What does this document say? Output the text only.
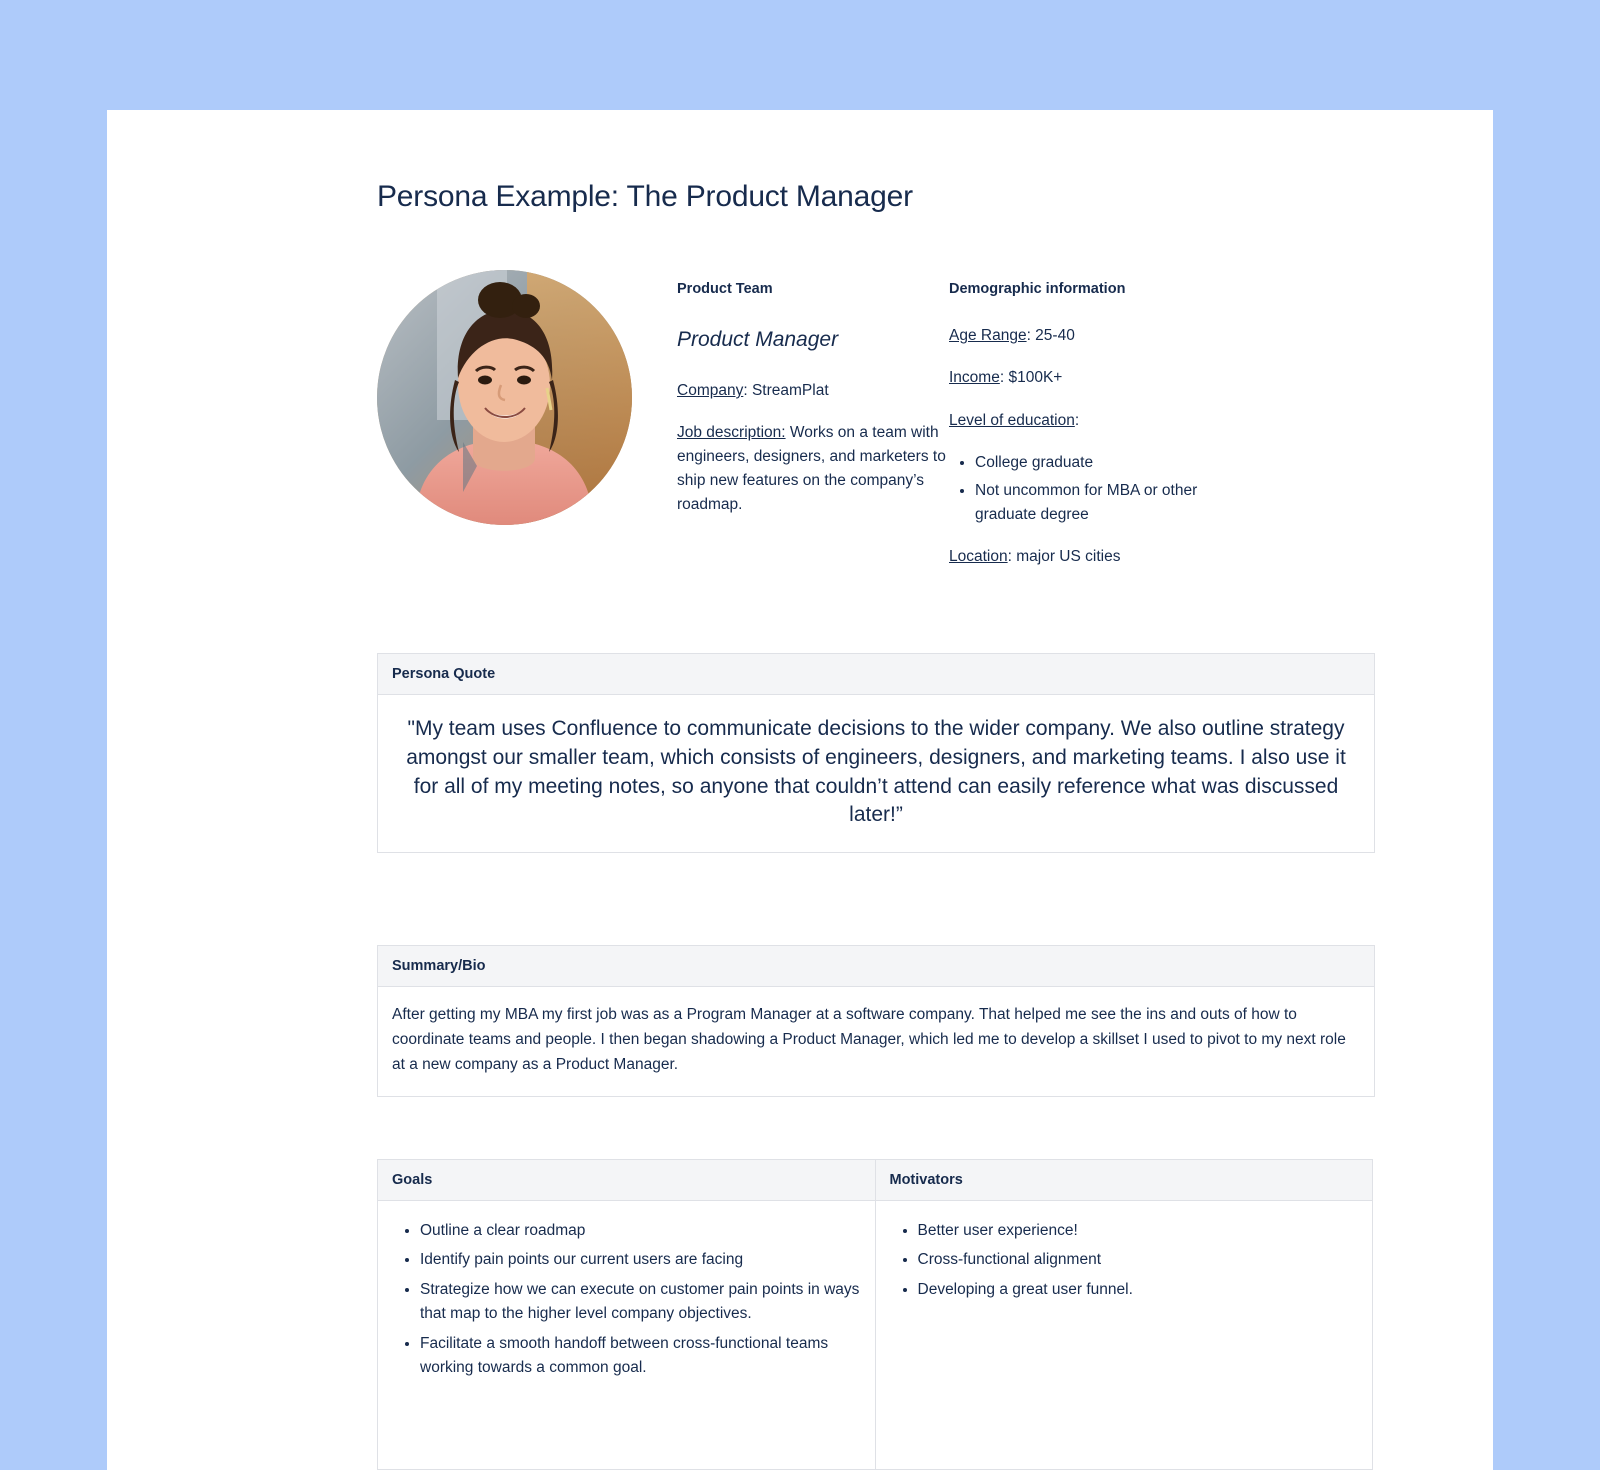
Persona Example: The Product Manager
Product Team
Product Manager

Company: StreamPlat

Job description: Works on a team with engineers, designers, and marketers to ship new features on the company’s roadmap.

Demographic information

Age Range: 25-40

Income: $100K+

Level of education:

• College graduate
• Not uncommon for MBA or other graduate degree

Location: major US cities

Persona Quote
"My team uses Confluence to communicate decisions to the wider company. We also outline strategy amongst our smaller team, which consists of engineers, designers, and marketing teams. I also use it for all of my meeting notes, so anyone that couldn’t attend can easily reference what was discussed later!”
Summary/Bio
After getting my MBA my first job was as a Program Manager at a software company. That helped me see the ins and outs of how to coordinate teams and people. I then began shadowing a Product Manager, which led me to develop a skillset I used to pivot to my next role at a new company as a Product Manager.
Goals	Motivators

• Outline a clear roadmap
• Identify pain points our current users are facing
• Strategize how we can execute on customer pain points in ways that map to the higher level company objectives.
• Facilitate a smooth handoff between cross-functional teams working towards a common goal.

• Better user experience!
• Cross-functional alignment
• Developing a great user funnel.
